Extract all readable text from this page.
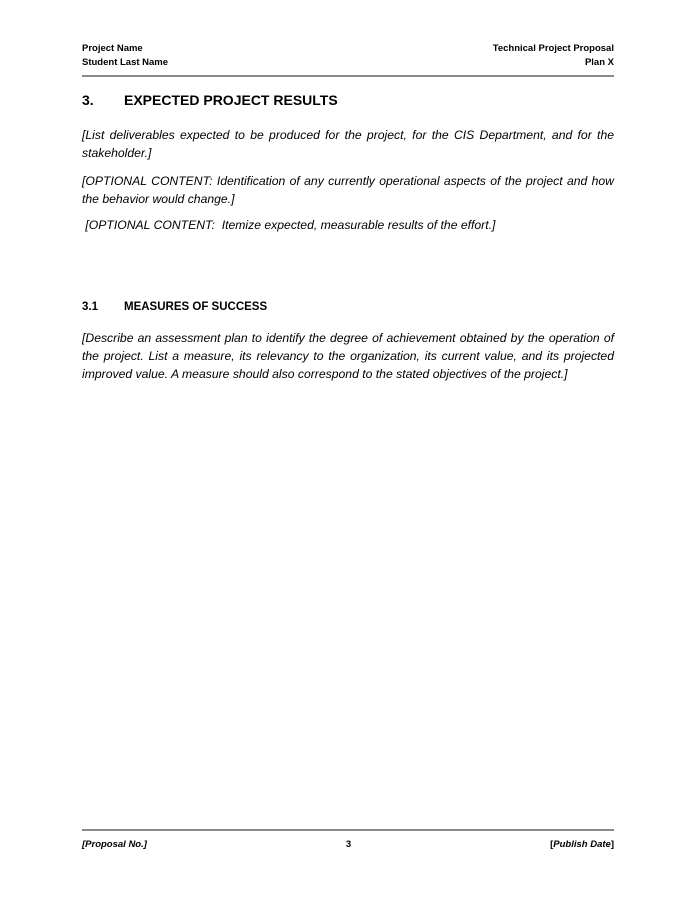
Project Name	Technical Project Proposal
Student Last Name	Plan X
3.	EXPECTED PROJECT RESULTS
[List deliverables expected to be produced for the project, for the CIS Department, and for the stakeholder.]
[OPTIONAL CONTENT: Identification of any currently operational aspects of the project and how the behavior would change.]
[OPTIONAL CONTENT:  Itemize expected, measurable results of the effort.]
3.1	MEASURES OF SUCCESS
[Describe an assessment plan to identify the degree of achievement obtained by the operation of the project. List a measure, its relevancy to the organization, its current value, and its projected improved value. A measure should also correspond to the stated objectives of the project.]
[Proposal No.]	3	[Publish Date]
